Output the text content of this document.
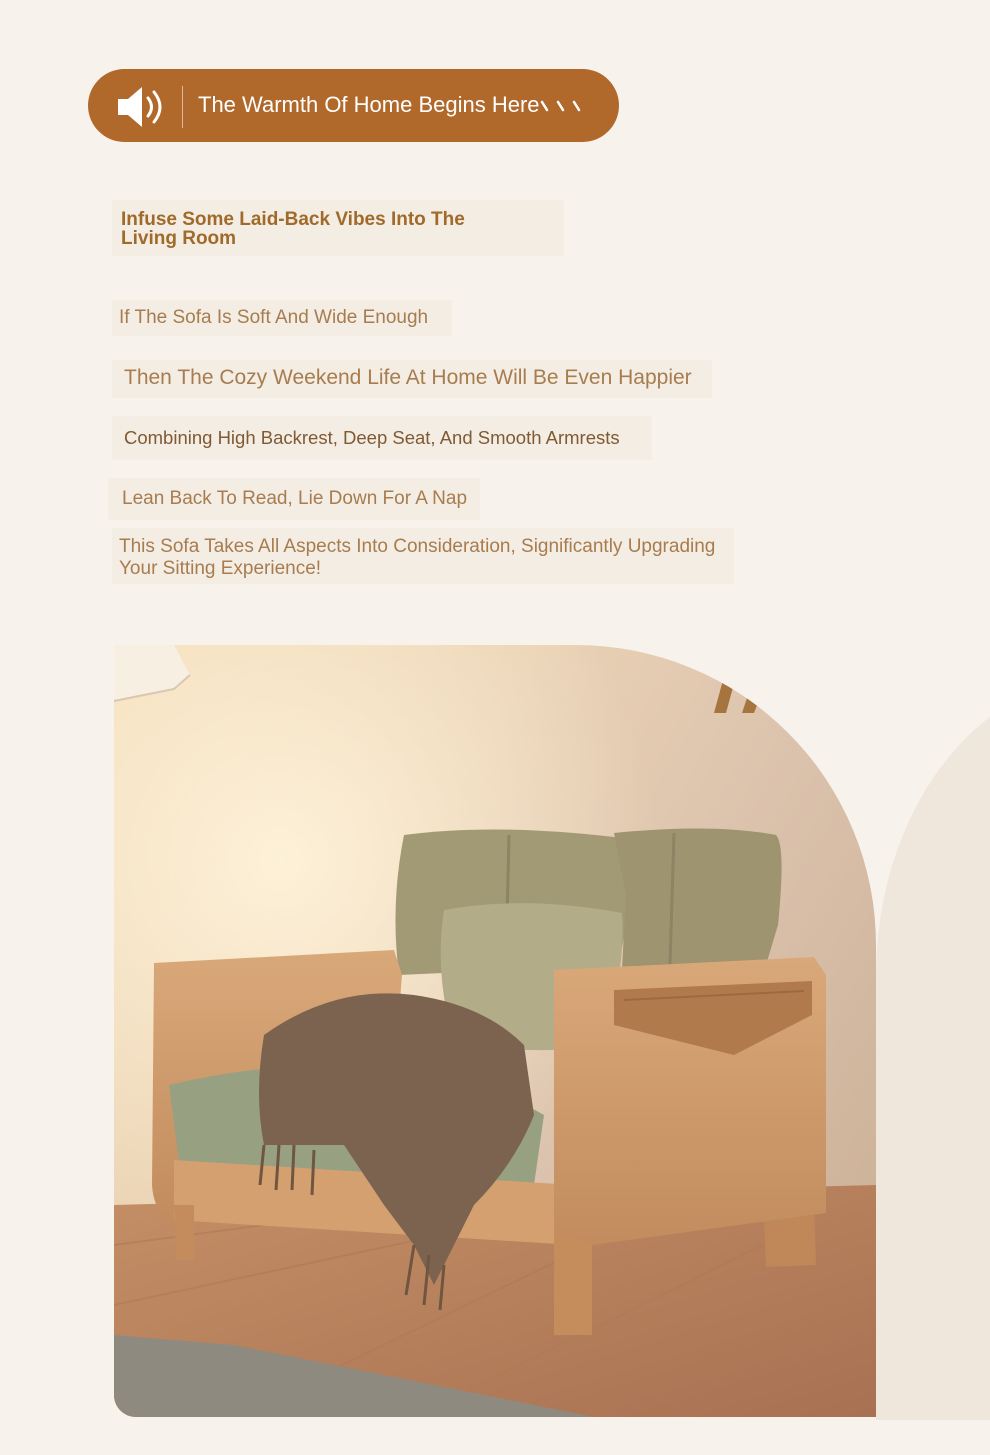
The Warmth Of Home Begins Here
Infuse Some Laid-Back Vibes Into The
Living Room
If The Sofa Is Soft And Wide Enough
Then The Cozy Weekend Life At Home Will Be Even Happier
Combining High Backrest, Deep Seat, And Smooth Armrests
Lean Back To Read, Lie Down For A Nap
This Sofa Takes All Aspects Into Consideration, Significantly Upgrading
Your Sitting Experience!
